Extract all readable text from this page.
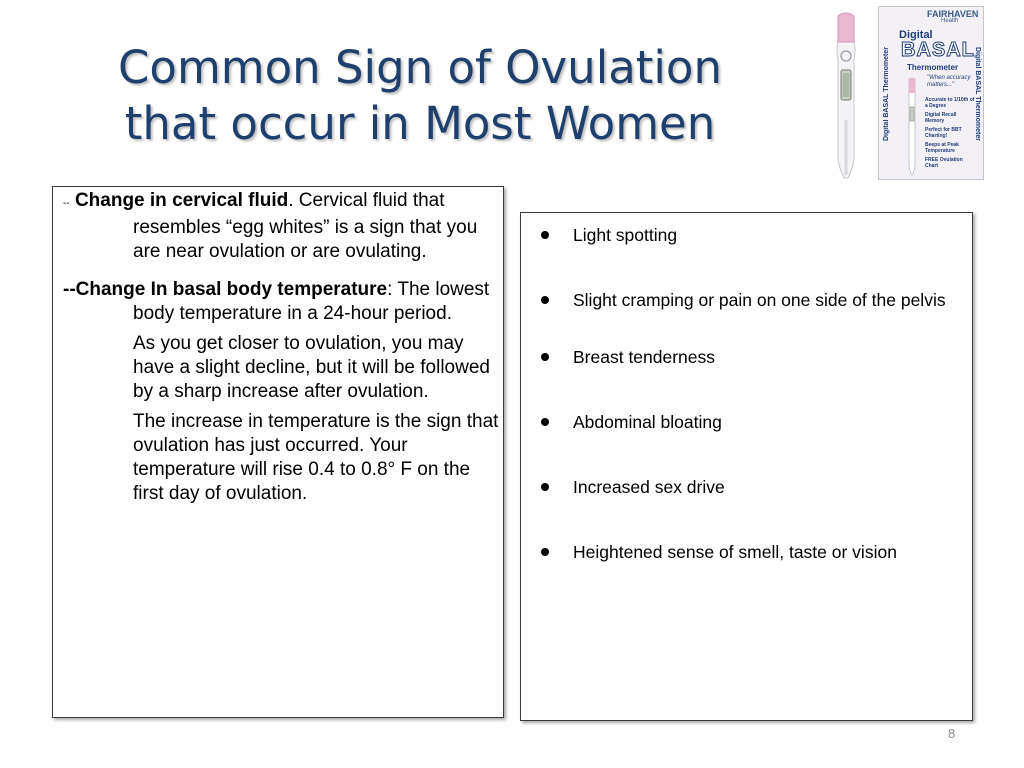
Common Sign of Ovulation
that occur in Most Women
FAIRHAVEN
Health
Digital
BASAL
Thermometer
Digital BASAL Thermometer	Digital BASAL Thermometer
"When accuracy matters..."
Accurate to 1/10th of a Degree
Digital Recall Memory
Perfect for BBT Charting!
Beeps at Peak Temperature
FREE Ovulation Chart

-- Change in cervical fluid. Cervical fluid that resembles “egg whites” is a sign that you are near ovulation or are ovulating.

--Change In basal body temperature: The lowest body temperature in a 24-hour period.

As you get closer to ovulation, you may have a slight decline, but it will be followed by a sharp increase after ovulation.

The increase in temperature is the sign that ovulation has just occurred. Your temperature will rise 0.4 to 0.8° F on the first day of ovulation.

Light spotting
Slight cramping or pain on one side of the pelvis
Breast tenderness
Abdominal bloating
Increased sex drive
Heightened sense of smell, taste or vision
8
